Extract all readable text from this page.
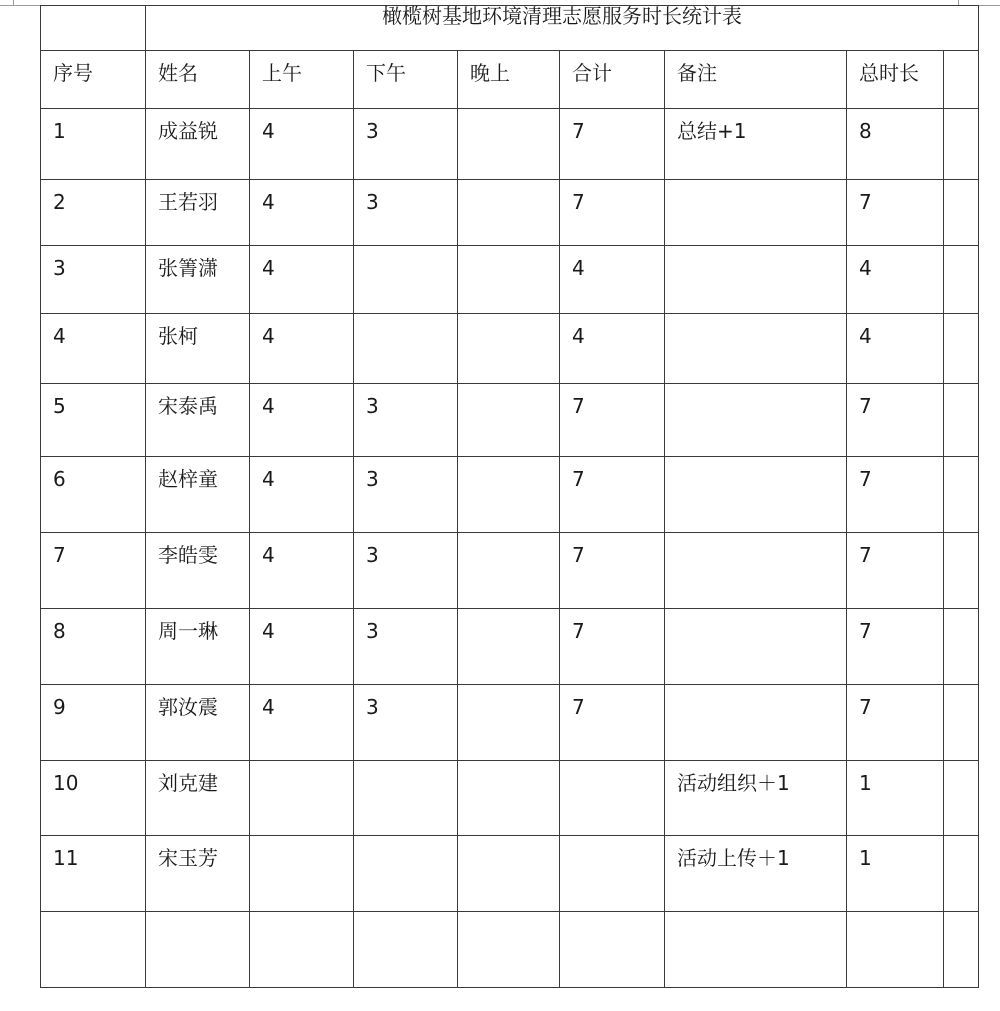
	橄榄树基地环境清理志愿服务时长统计表							

序号	姓名	上午	下午	晚上	合计	备注	总时长	

1	成益锐	4	3		7	总结+1	8	

2	王若羽	4	3		7		7	

3	张箐潇	4			4		4	

4	张柯	4			4		4	

5	宋泰禹	4	3		7		7	

6	赵梓童	4	3		7		7	

7	李皓雯	4	3		7		7	

8	周一琳	4	3		7		7	

9	郭汝震	4	3		7		7	

10	刘克建					活动组织＋1	1	

11	宋玉芳					活动上传＋1	1	
